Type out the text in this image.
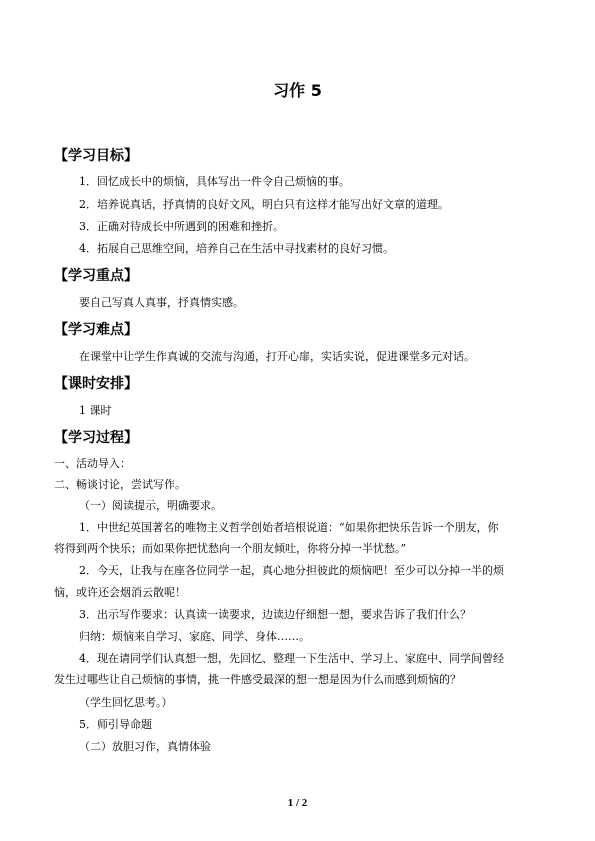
习作 5
【学习目标】
1．回忆成长中的烦恼，具体写出一件令自己烦恼的事。
2．培养说真话，抒真情的良好文风，明白只有这样才能写出好文章的道理。
3．正确对待成长中所遇到的困难和挫折。
4．拓展自己思维空间，培养自己在生活中寻找素材的良好习惯。
【学习重点】
要自己写真人真事，抒真情实感。
【学习难点】
在课堂中让学生作真诚的交流与沟通，打开心扉，实话实说，促进课堂多元对话。
【课时安排】
1 课时
【学习过程】
一、活动导入：
二、畅谈讨论，尝试写作。
（一）阅读提示，明确要求。
1．中世纪英国著名的唯物主义哲学创始者培根说道：“如果你把快乐告诉一个朋友，你
将得到两个快乐；而如果你把忧愁向一个朋友倾吐，你将分掉一半忧愁。”
2．今天，让我与在座各位同学一起，真心地分担彼此的烦恼吧！至少可以分掉一半的烦
恼，或许还会烟消云散呢！
3．出示写作要求：认真读一读要求，边读边仔细想一想，要求告诉了我们什么？
归纳：烦恼来自学习、家庭、同学、身体……。
4．现在请同学们认真想一想，先回忆、整理一下生活中、学习上、家庭中、同学间曾经
发生过哪些让自己烦恼的事情，挑一件感受最深的想一想是因为什么而感到烦恼的？
（学生回忆思考。）
5．师引导命题
（二）放胆习作，真情体验
1 / 2
